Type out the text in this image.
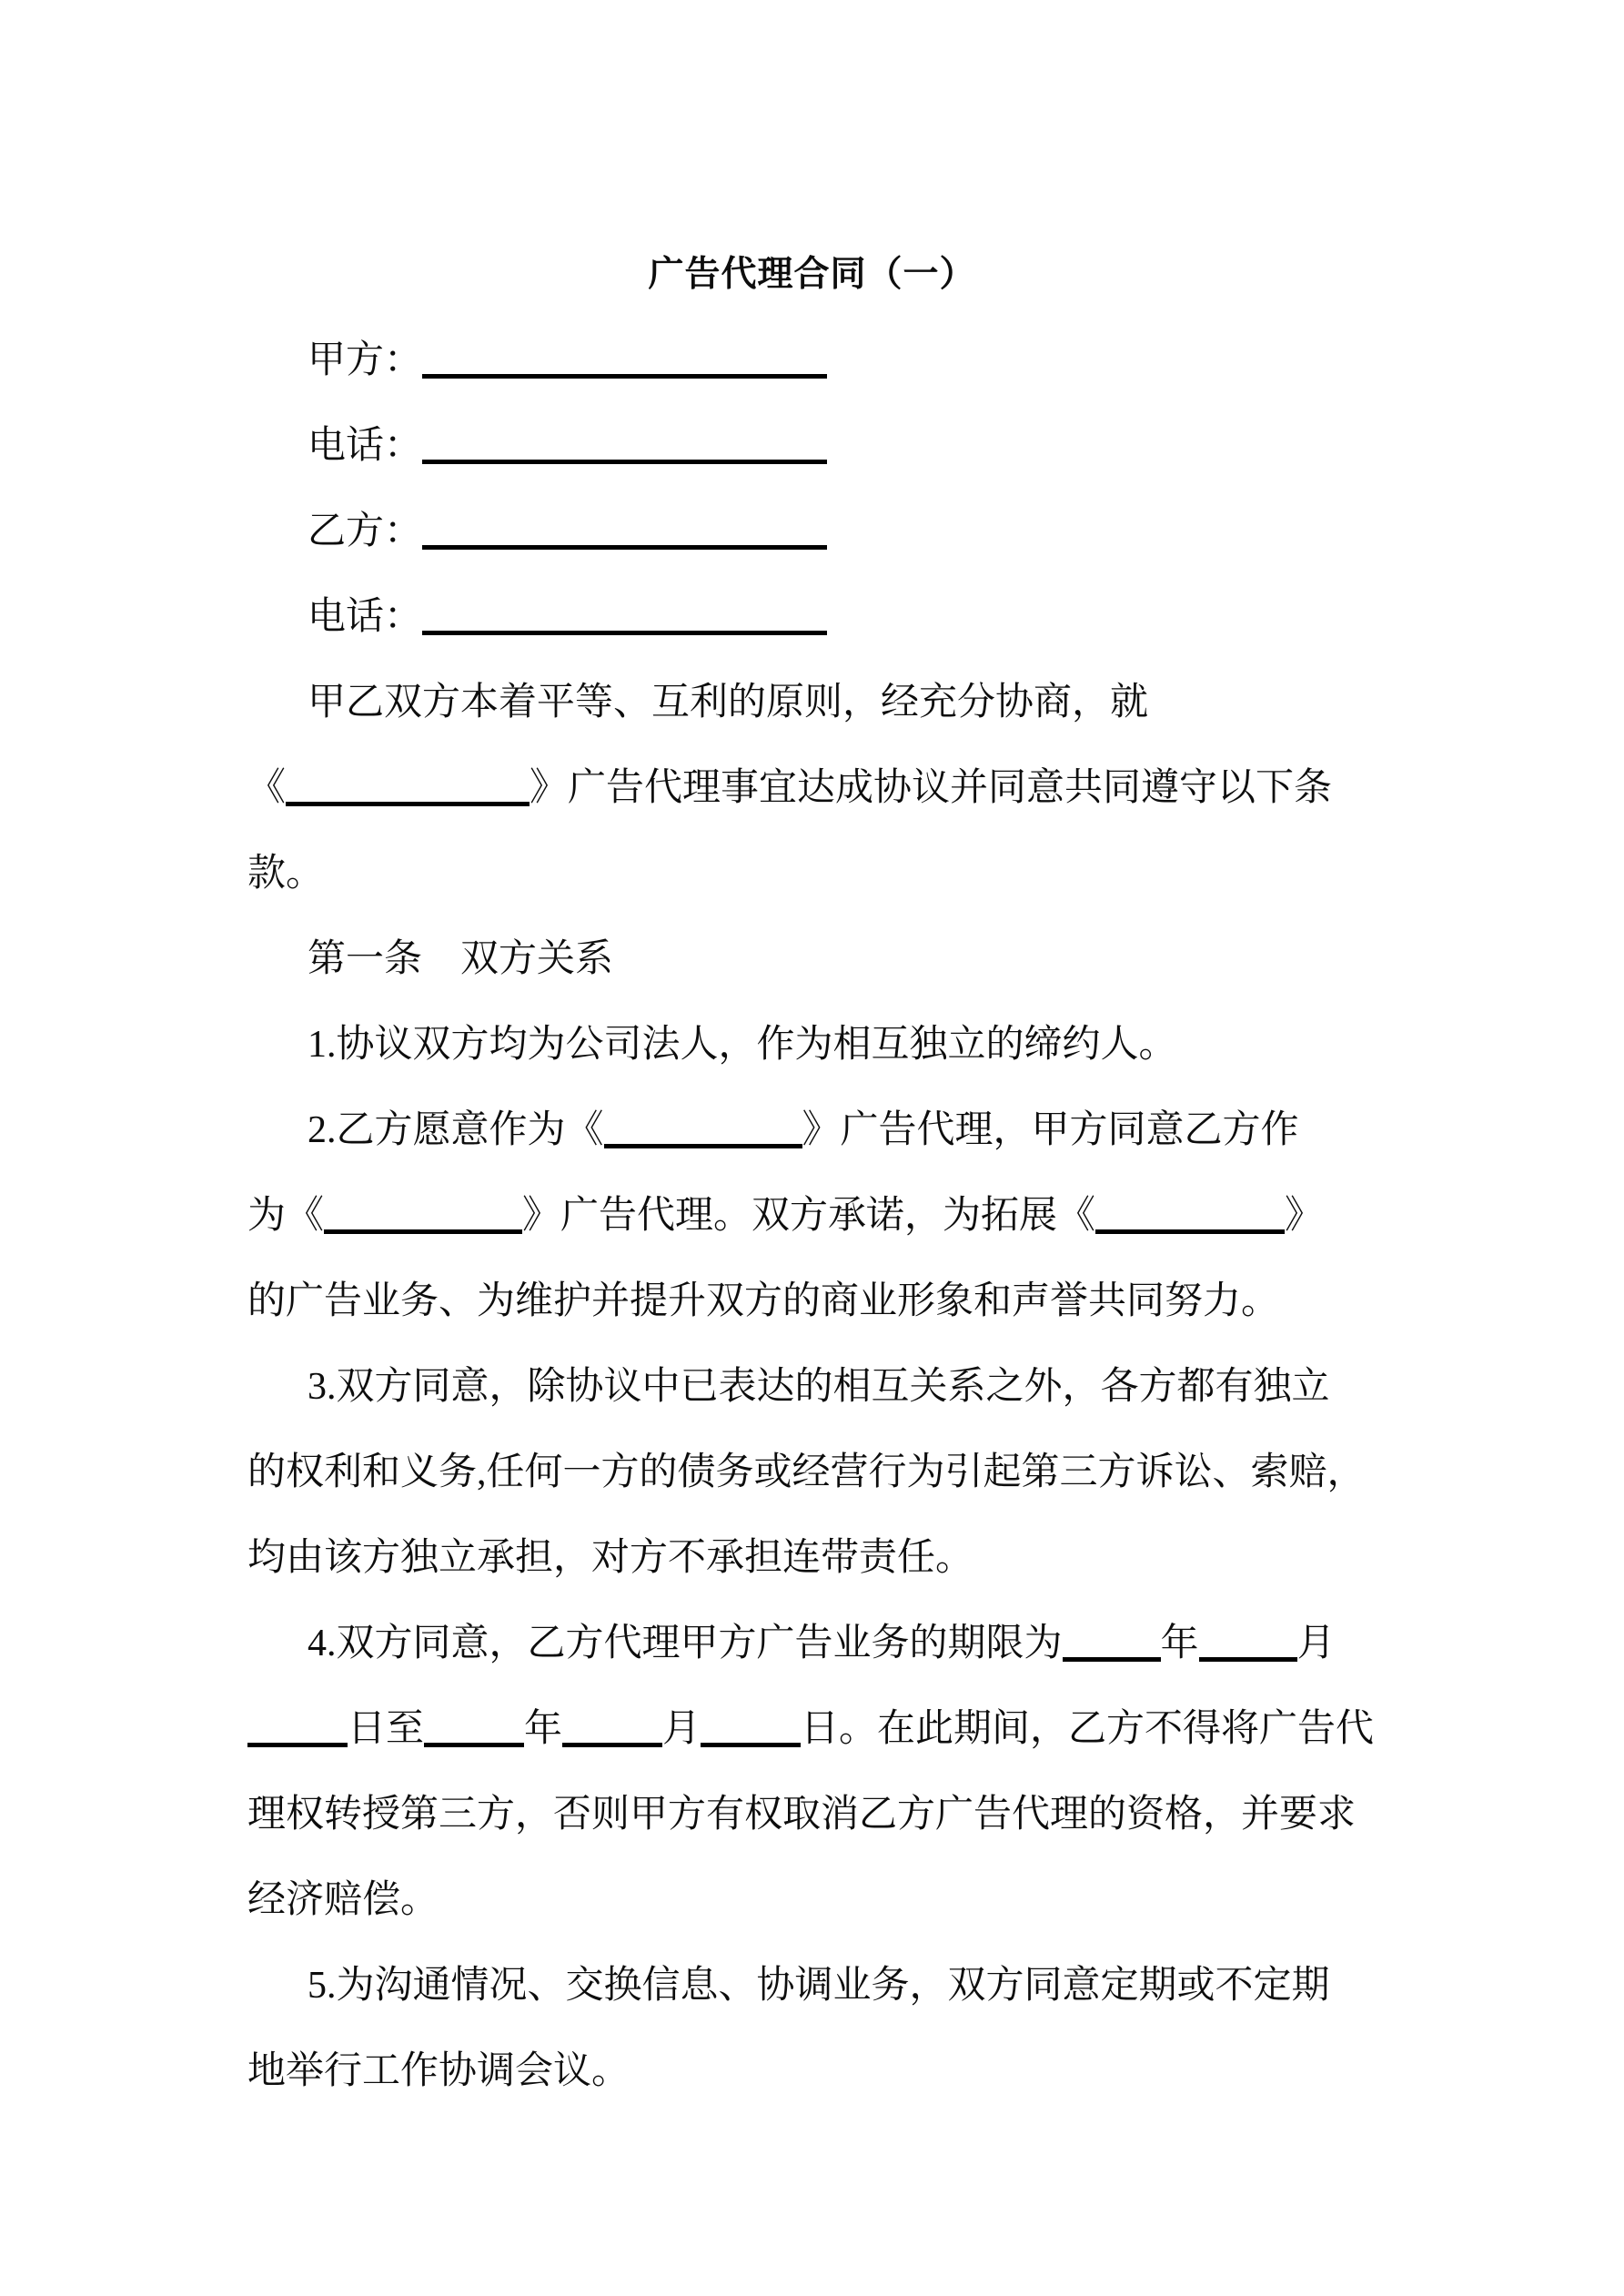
广告代理合同（一）
甲方：
电话：
乙方：
电话：
甲乙双方本着平等、互利的原则，经充分协商，就
《	》广告代理事宜达成协议并同意共同遵守以下条
款。
第一条　双方关系
1.协议双方均为公司法人，作为相互独立的缔约人。
2.乙方愿意作为《	》广告代理，甲方同意乙方作
为《	》广告代理。双方承诺，为拓展《	》
的广告业务、为维护并提升双方的商业形象和声誉共同努力。
3.双方同意，除协议中已表达的相互关系之外，各方都有独立
的权利和义务,任何一方的债务或经营行为引起第三方诉讼、索赔，
均由该方独立承担，对方不承担连带责任。
4.双方同意，乙方代理甲方广告业务的期限为	年	月
日至	年	月	日。在此期间，乙方不得将广告代
理权转授第三方，否则甲方有权取消乙方广告代理的资格，并要求
经济赔偿。
5.为沟通情况、交换信息、协调业务，双方同意定期或不定期
地举行工作协调会议。
